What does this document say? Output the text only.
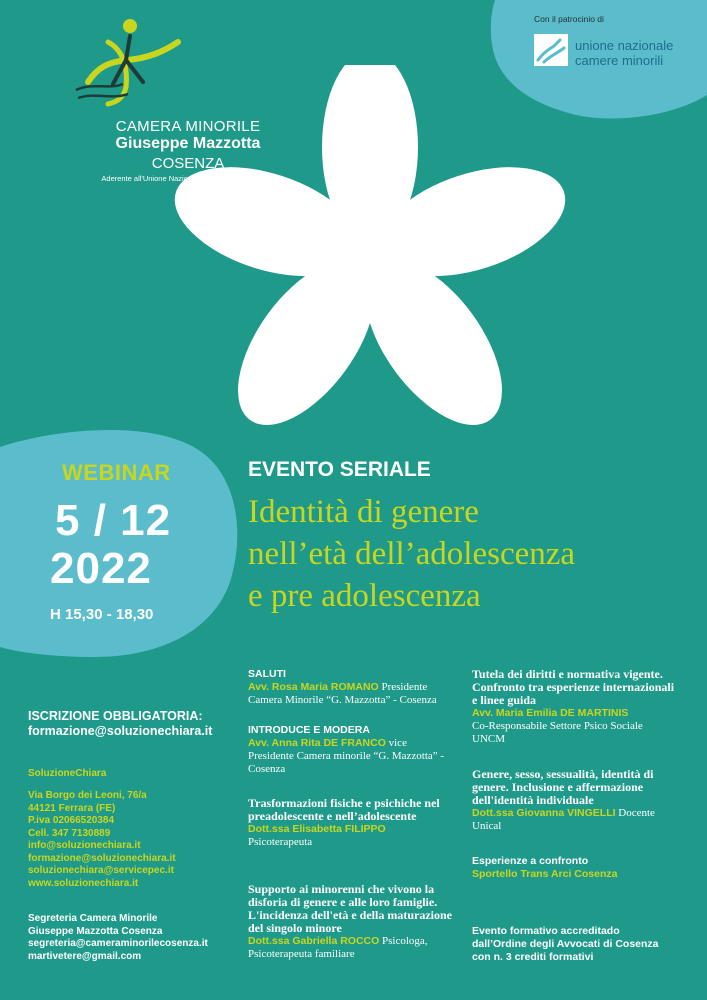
CAMERA MINORILE
Giuseppe Mazzotta
COSENZA
Aderente all'Unione Nazionale delle Camere Minorili
Con il patrocinio di
unione nazionale
camere minorili
WEBINAR
5 / 12
2022
H 15,30 - 18,30
EVENTO SERIALE
Identità di genere
nell’età dell’adolescenza
e pre adolescenza
ISCRIZIONE OBBLIGATORIA:
formazione@soluzionechiara.it
SoluzioneChiara
Via Borgo dei Leoni, 76/a
44121 Ferrara (FE)
P.iva 02066520384
Cell. 347 7130889
info@soluzionechiara.it
formazione@soluzionechiara.it
soluzionechiara@servicepec.it
www.soluzionechiara.it
Segreteria Camera Minorile
Giuseppe Mazzotta Cosenza
segreteria@cameraminorilecosenza.it
martivetere@gmail.com
SALUTI
Avv. Rosa Maria ROMANO Presidente Camera Minorile “G. Mazzotta” - Cosenza
INTRODUCE E MODERA
Avv. Anna Rita DE FRANCO vice Presidente Camera minorile “G. Mazzotta” - Cosenza
Trasformazioni fisiche e psichiche nel preadolescente e nell’adolescente
Dott.ssa Elisabetta FILIPPO
Psicoterapeuta
Supporto ai minorenni che vivono la disforia di genere e alle loro famiglie. L'incidenza dell'età e della maturazione del singolo minore
Dott.ssa Gabriella ROCCO Psicologa, Psicoterapeuta familiare
Tutela dei diritti e normativa vigente. Confronto tra esperienze internazionali e linee guida
Avv. Maria Emilia DE MARTINIS
Co-Responsabile Settore Psico Sociale UNCM
Genere, sesso, sessualità, identità di genere. Inclusione e affermazione dell'identità individuale
Dott.ssa Giovanna VINGELLI Docente Unical
Esperienze a confronto
Sportello Trans Arci Cosenza
Evento formativo accreditado dall’Ordine degli Avvocati di Cosenza con n. 3 crediti formativi
